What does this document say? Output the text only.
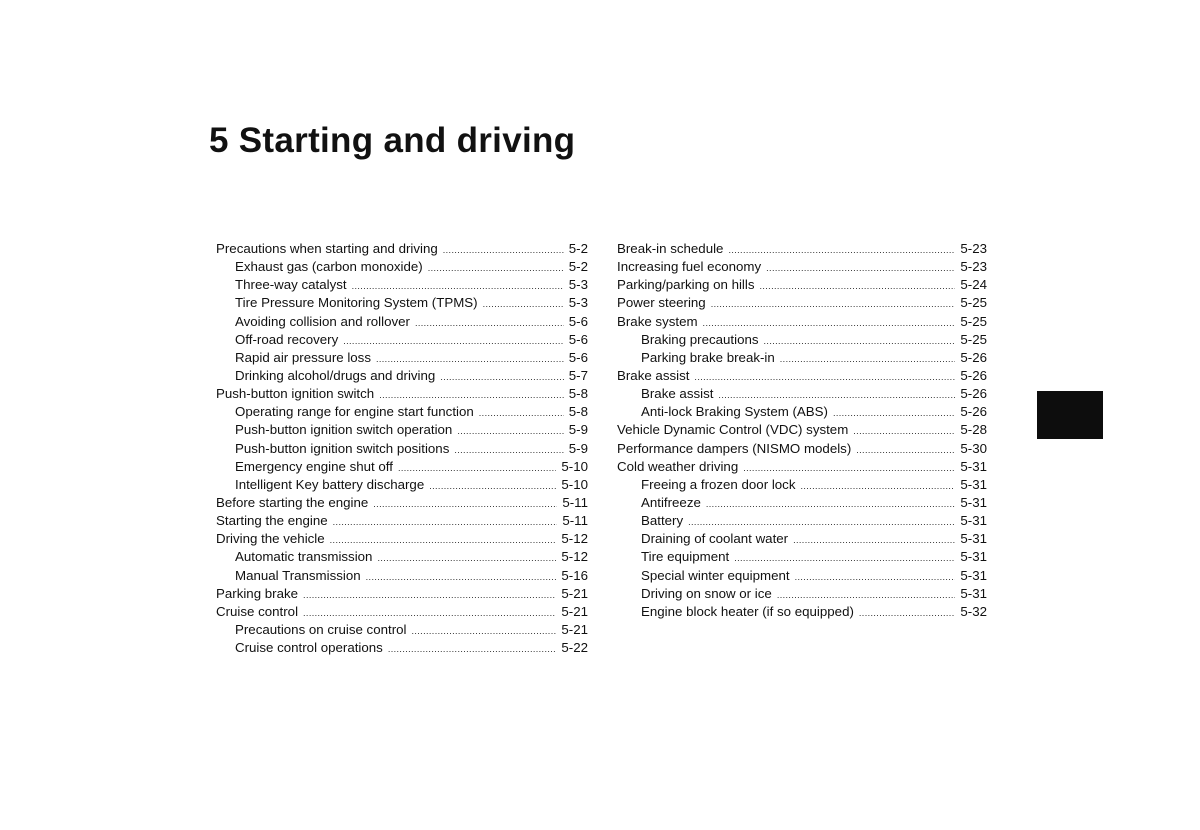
5 Starting and driving
Precautions when starting and driving .....	5-2
Exhaust gas (carbon monoxide) .....	5-2
Three-way catalyst .....	5-3
Tire Pressure Monitoring System (TPMS) .....	5-3
Avoiding collision and rollover .....	5-6
Off-road recovery .....	5-6
Rapid air pressure loss .....	5-6
Drinking alcohol/drugs and driving .....	5-7
Push-button ignition switch .....	5-8
Operating range for engine start function .....	5-8
Push-button ignition switch operation .....	5-9
Push-button ignition switch positions .....	5-9
Emergency engine shut off .....	5-10
Intelligent Key battery discharge .....	5-10
Before starting the engine .....	5-11
Starting the engine .....	5-11
Driving the vehicle .....	5-12
Automatic transmission .....	5-12
Manual Transmission .....	5-16
Parking brake .....	5-21
Cruise control .....	5-21
Precautions on cruise control .....	5-21
Cruise control operations .....	5-22
Break-in schedule .....	5-23
Increasing fuel economy .....	5-23
Parking/parking on hills .....	5-24
Power steering .....	5-25
Brake system .....	5-25
Braking precautions .....	5-25
Parking brake break-in .....	5-26
Brake assist .....	5-26
Brake assist .....	5-26
Anti-lock Braking System (ABS) .....	5-26
Vehicle Dynamic Control (VDC) system .....	5-28
Performance dampers (NISMO models) .....	5-30
Cold weather driving .....	5-31
Freeing a frozen door lock .....	5-31
Antifreeze .....	5-31
Battery .....	5-31
Draining of coolant water .....	5-31
Tire equipment .....	5-31
Special winter equipment .....	5-31
Driving on snow or ice .....	5-31
Engine block heater (if so equipped) .....	5-32
